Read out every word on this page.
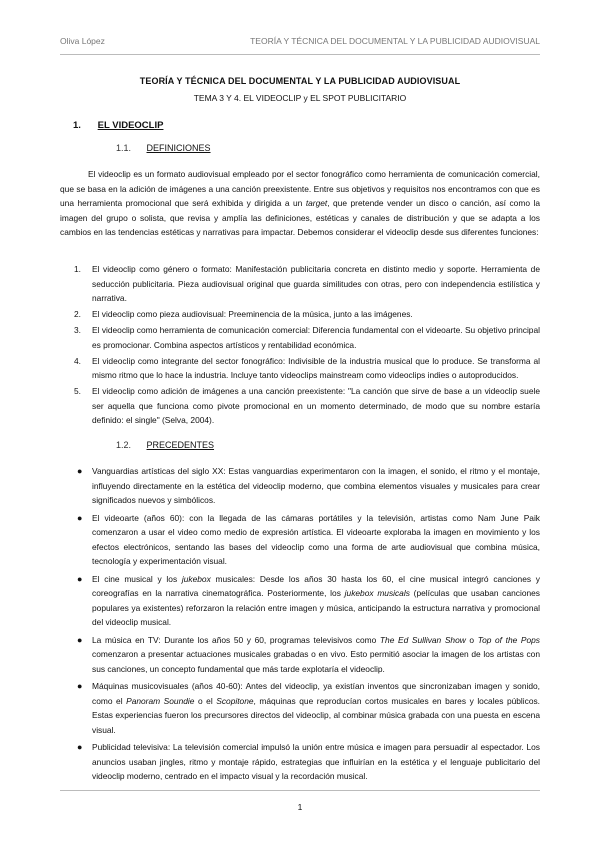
Oliva López	TEORÍA Y TÉCNICA DEL DOCUMENTAL Y LA PUBLICIDAD AUDIOVISUAL
TEORÍA Y TÉCNICA DEL DOCUMENTAL Y LA PUBLICIDAD AUDIOVISUAL
TEMA 3 Y 4. EL VIDEOCLIP y EL SPOT PUBLICITARIO
1. EL VIDEOCLIP
1.1. DEFINICIONES

El videoclip es un formato audiovisual empleado por el sector fonográfico como herramienta de comunicación comercial, que se basa en la adición de imágenes a una canción preexistente. Entre sus objetivos y requisitos nos encontramos con que es una herramienta promocional que será exhibida y dirigida a un target, que pretende vender un disco o canción, así como la imagen del grupo o solista, que revisa y amplía las definiciones, estéticas y canales de distribución y que se adapta a los cambios en las tendencias estéticas y narrativas para impactar. Debemos considerar el videoclip desde sus diferentes funciones:

1. El videoclip como género o formato: Manifestación publicitaria concreta en distinto medio y soporte. Herramienta de seducción publicitaria. Pieza audiovisual original que guarda similitudes con otras, pero con independencia estilística y narrativa.
2. El videoclip como pieza audiovisual: Preeminencia de la música, junto a las imágenes.
3. El videoclip como herramienta de comunicación comercial: Diferencia fundamental con el videoarte. Su objetivo principal es promocionar. Combina aspectos artísticos y rentabilidad económica.
4. El videoclip como integrante del sector fonográfico: Indivisible de la industria musical que lo produce. Se transforma al mismo ritmo que lo hace la industria. Incluye tanto videoclips mainstream como videoclips indies o autoproducidos.
5. El videoclip como adición de imágenes a una canción preexistente: "La canción que sirve de base a un videoclip suele ser aquella que funciona como pivote promocional en un momento determinado, de modo que su nombre estaría definido: el single" (Selva, 2004).
1.2. PRECEDENTES
● Vanguardias artísticas del siglo XX: Estas vanguardias experimentaron con la imagen, el sonido, el ritmo y el montaje, influyendo directamente en la estética del videoclip moderno, que combina elementos visuales y musicales para crear significados nuevos y simbólicos.
● El videoarte (años 60): con la llegada de las cámaras portátiles y la televisión, artistas como Nam June Paik comenzaron a usar el video como medio de expresión artística. El videoarte exploraba la imagen en movimiento y los efectos electrónicos, sentando las bases del videoclip como una forma de arte audiovisual que combina música, tecnología y experimentación visual.
● El cine musical y los jukebox musicales: Desde los años 30 hasta los 60, el cine musical integró canciones y coreografías en la narrativa cinematográfica. Posteriormente, los jukebox musicals (películas que usaban canciones populares ya existentes) reforzaron la relación entre imagen y música, anticipando la estructura narrativa y promocional del videoclip musical.
● La música en TV: Durante los años 50 y 60, programas televisivos como The Ed Sullivan Show o Top of the Pops comenzaron a presentar actuaciones musicales grabadas o en vivo. Esto permitió asociar la imagen de los artistas con sus canciones, un concepto fundamental que más tarde explotaría el videoclip.
● Máquinas musicovisuales (años 40-60): Antes del videoclip, ya existían inventos que sincronizaban imagen y sonido, como el Panoram Soundie o el Scopitone, máquinas que reproducían cortos musicales en bares y locales públicos. Estas experiencias fueron los precursores directos del videoclip, al combinar música grabada con una puesta en escena visual.
● Publicidad televisiva: La televisión comercial impulsó la unión entre música e imagen para persuadir al espectador. Los anuncios usaban jingles, ritmo y montaje rápido, estrategias que influirían en la estética y el lenguaje publicitario del videoclip moderno, centrado en el impacto visual y la recordación musical.
1
